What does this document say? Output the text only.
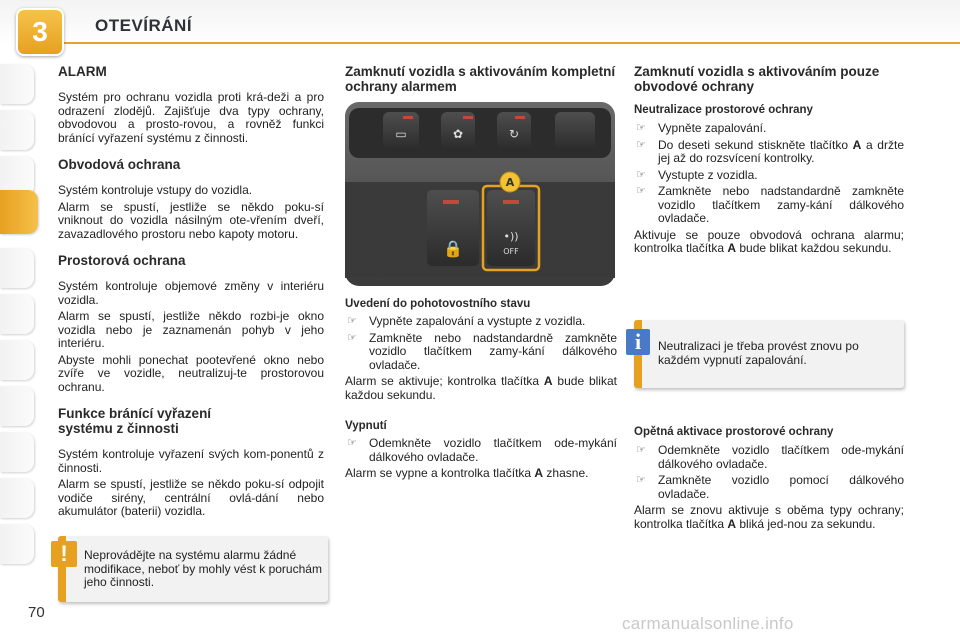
3	OTEVÍRÁNÍ
ALARM

Systém pro ochranu vozidla proti krá-deži a pro odrazení zlodějů. Zajišťuje dva typy ochrany, obvodovou a prosto-rovou, a rovněž funkci bránící vyřazení systému z činnosti.

Obvodová ochrana

Systém kontroluje vstupy do vozidla.

Alarm se spustí, jestliže se někdo poku-sí vniknout do vozidla násilným ote-vřením dveří, zavazadlového prostoru nebo kapoty motoru.

Prostorová ochrana

Systém kontroluje objemové změny v interiéru vozidla.

Alarm se spustí, jestliže někdo rozbi-je okno vozidla nebo je zaznamenán pohyb v jeho interiéru.

Abyste mohli ponechat pootevřené okno nebo zvíře ve vozidle, neutralizuj-te prostorovou ochranu.

Funkce bránící vyřazení systému z činnosti

Systém kontroluje vyřazení svých kom-ponentů z činnosti.

Alarm se spustí, jestliže se někdo poku-sí odpojit vodiče sirény, centrální ovlá-dání nebo akumulátor (baterii) vozidla.

Neprovádějte na systému alarmu žádné modifikace, neboť by mohly vést k poruchám jeho činnosti.

!
Zamknutí vozidla s aktivováním kompletní ochrany alarmem
▭	✿	↻
🔒
•))
OFF
A
Uvedení do pohotovostního stavu
☞ Vypněte zapalování a vystupte z vozidla.
☞ Zamkněte nebo nadstandardně zamkněte vozidlo tlačítkem zamy-kání dálkového ovladače.

Alarm se aktivuje; kontrolka tlačítka A bude blikat každou sekundu.

Vypnutí
☞ Odemkněte vozidlo tlačítkem ode-mykání dálkového ovladače.

Alarm se vypne a kontrolka tlačítka A zhasne.

Zamknutí vozidla s aktivováním pouze obvodové ochrany
Neutralizace prostorové ochrany
☞ Vypněte zapalování.
☞ Do deseti sekund stiskněte tlačítko A a držte jej až do rozsvícení kontrolky.
☞ Vystupte z vozidla.
☞ Zamkněte nebo nadstandardně zamkněte vozidlo tlačítkem zamy-kání dálkového ovladače.

Aktivuje se pouze obvodová ochrana alarmu; kontrolka tlačítka A bude blikat každou sekundu.

Neutralizaci je třeba provést znovu po každém vypnutí zapalování.

i
Opětná aktivace prostorové ochrany
☞ Odemkněte vozidlo tlačítkem ode-mykání dálkového ovladače.
☞ Zamkněte vozidlo pomocí dálkového ovladače.

Alarm se znovu aktivuje s oběma typy ochrany; kontrolka tlačítka A bliká jed-nou za sekundu.

70
carmanualsonline.info
